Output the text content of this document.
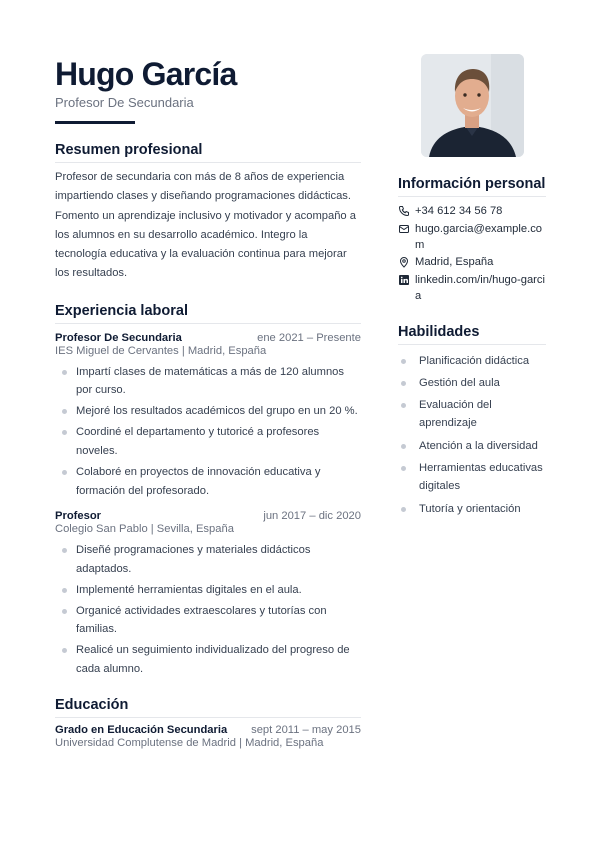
Hugo García
Profesor De Secundaria
Resumen profesional
Profesor de secundaria con más de 8 años de experiencia impartiendo clases y diseñando programaciones didácticas. Fomento un aprendizaje inclusivo y motivador y acompaño a los alumnos en su desarrollo académico. Integro la tecnología educativa y la evaluación continua para mejorar los resultados.
Experiencia laboral
Profesor De Secundaria	ene 2021 – Presente
IES Miguel de Cervantes | Madrid, España
Impartí clases de matemáticas a más de 120 alumnos por curso.
Mejoré los resultados académicos del grupo en un 20 %.
Coordiné el departamento y tutoricé a profesores noveles.
Colaboré en proyectos de innovación educativa y formación del profesorado.
Profesor	jun 2017 – dic 2020
Colegio San Pablo | Sevilla, España
Diseñé programaciones y materiales didácticos adaptados.
Implementé herramientas digitales en el aula.
Organicé actividades extraescolares y tutorías con familias.
Realicé un seguimiento individualizado del progreso de cada alumno.
Educación
Grado en Educación Secundaria sept 2011 – may 2015
Universidad Complutense de Madrid | Madrid, España
Información personal
+34 612 34 56 78
hugo.garcia@example.com
Madrid, España
linkedin.com/in/hugo-garcia
Habilidades
Planificación didáctica
Gestión del aula
Evaluación del aprendizaje
Atención a la diversidad
Herramientas educativas digitales
Tutoría y orientación
